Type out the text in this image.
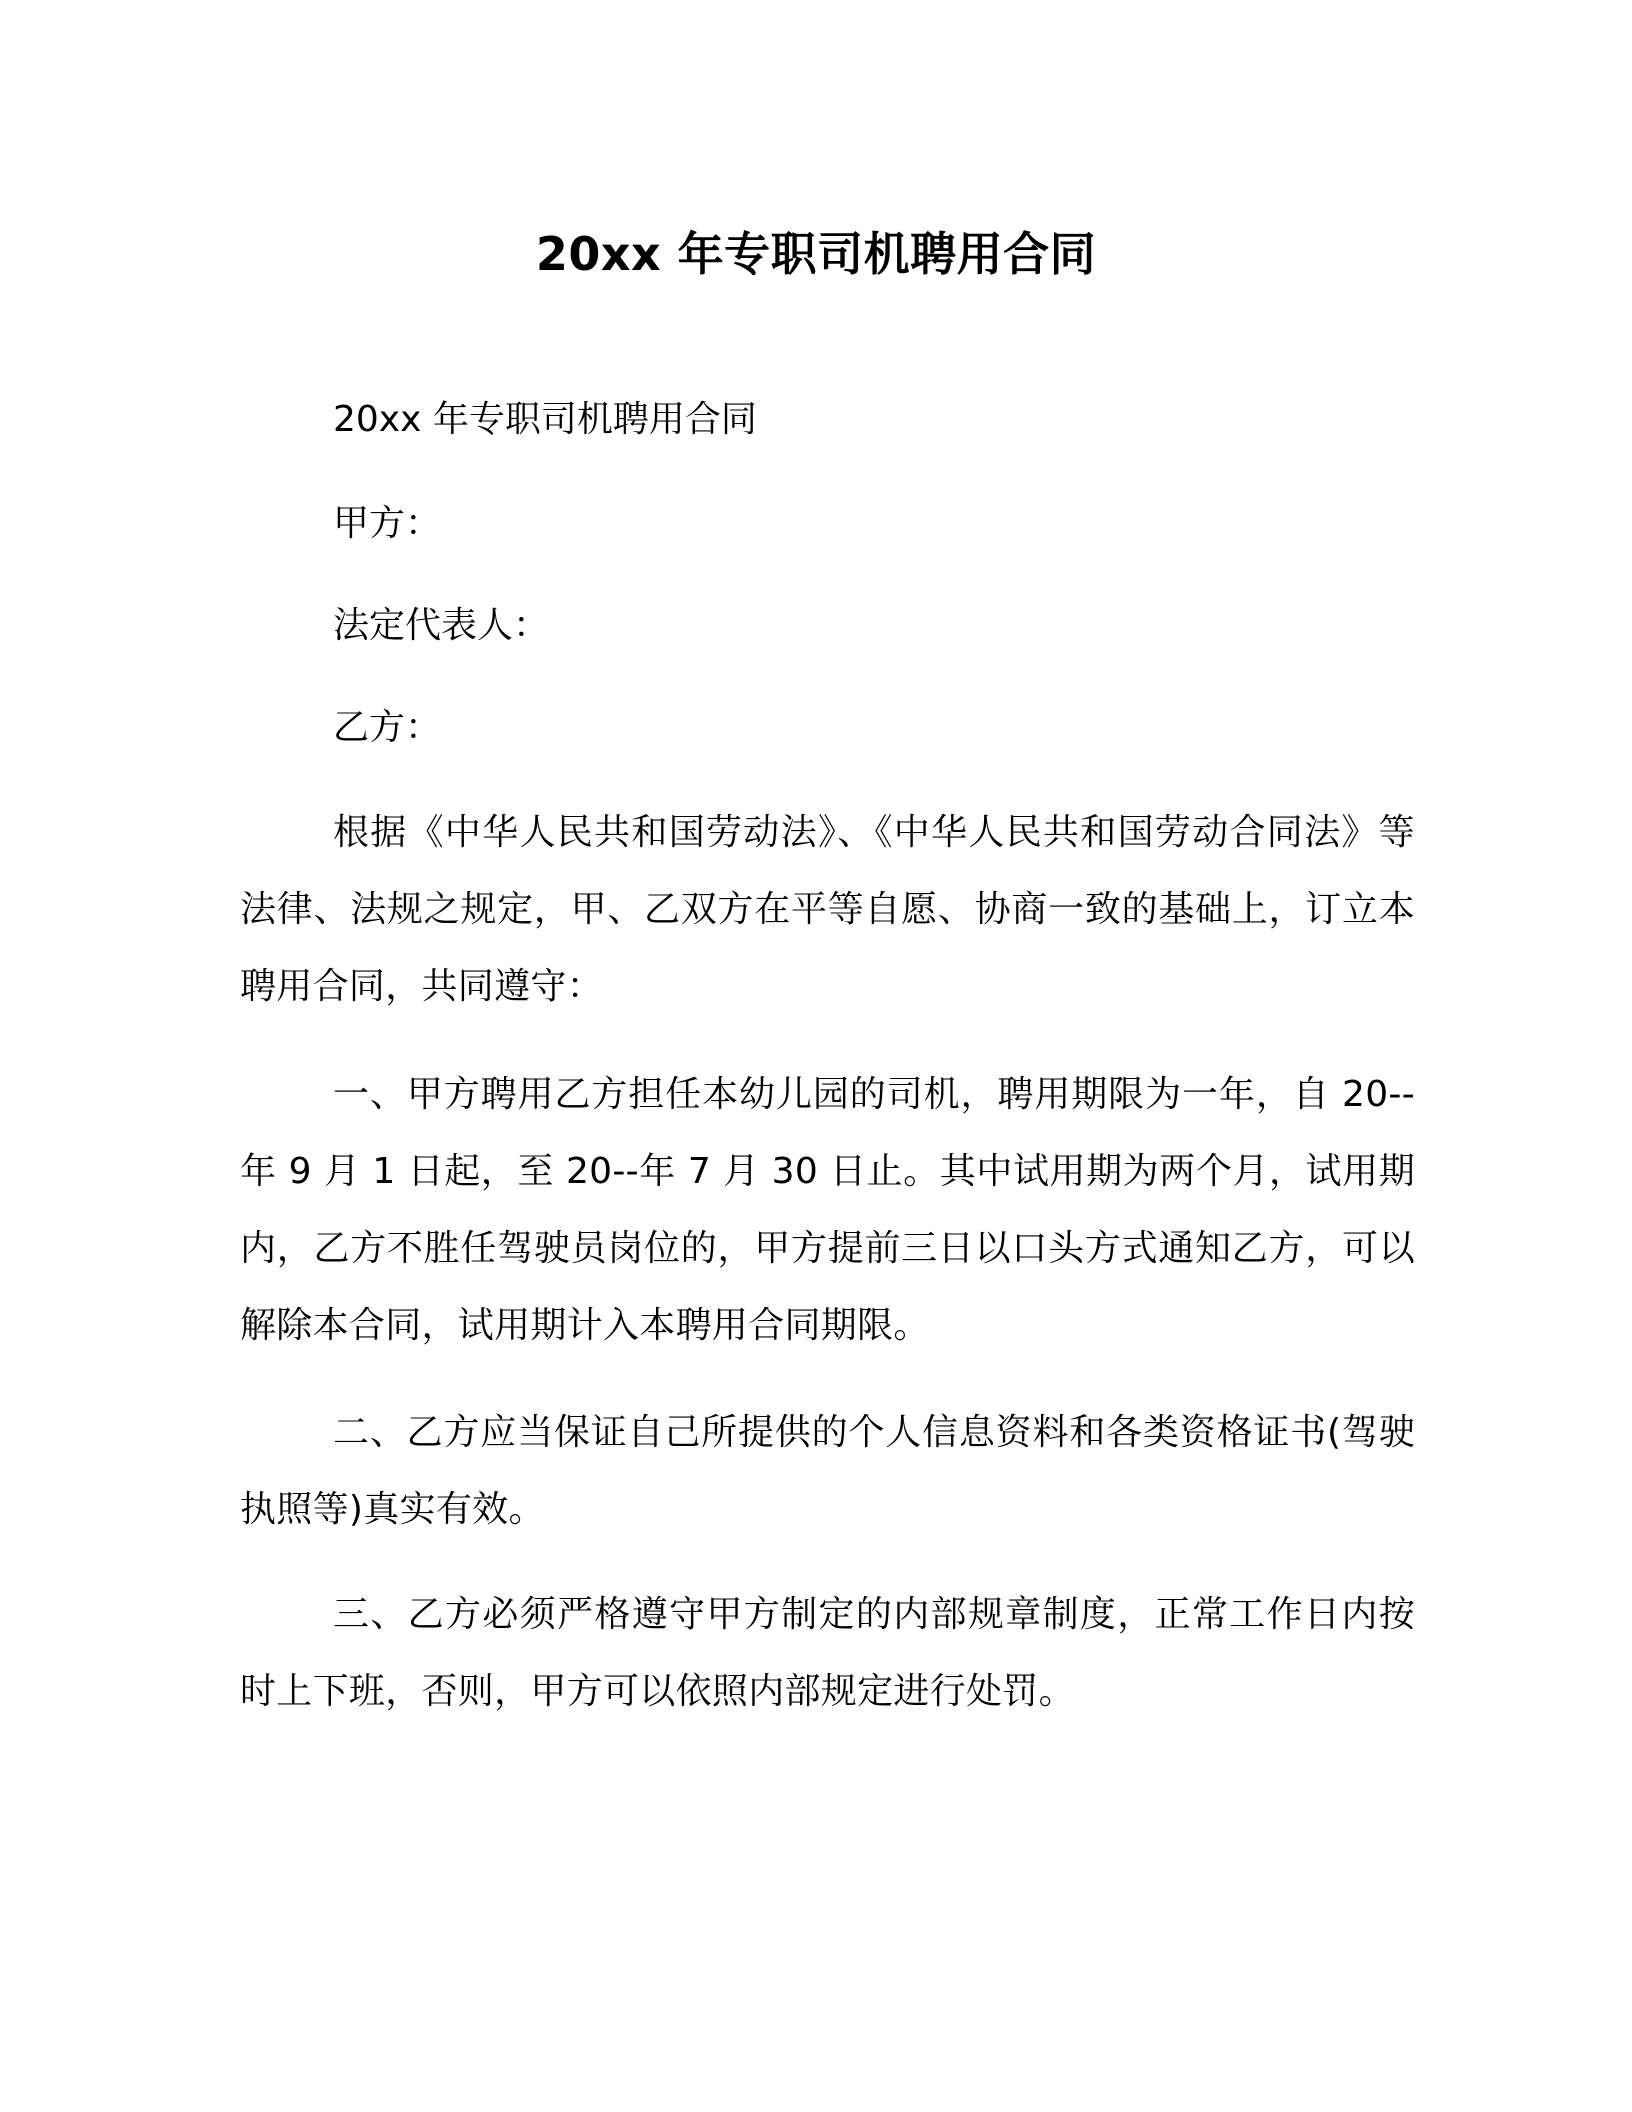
20xx 年专职司机聘用合同
20xx 年专职司机聘用合同
甲方：
法定代表人：
乙方：
根据《中华人民共和国劳动法》、《中华人民共和国劳动合同法》等法律、法规之规定，甲、乙双方在平等自愿、协商一致的基础上，订立本聘用合同，共同遵守：
一、甲方聘用乙方担任本幼儿园的司机，聘用期限为一年，自 20--年 9 月 1 日起，至 20--年 7 月 30 日止。其中试用期为两个月，试用期内，乙方不胜任驾驶员岗位的，甲方提前三日以口头方式通知乙方，可以解除本合同，试用期计入本聘用合同期限。
二、乙方应当保证自己所提供的个人信息资料和各类资格证书(驾驶执照等)真实有效。
三、乙方必须严格遵守甲方制定的内部规章制度，正常工作日内按时上下班，否则，甲方可以依照内部规定进行处罚。
